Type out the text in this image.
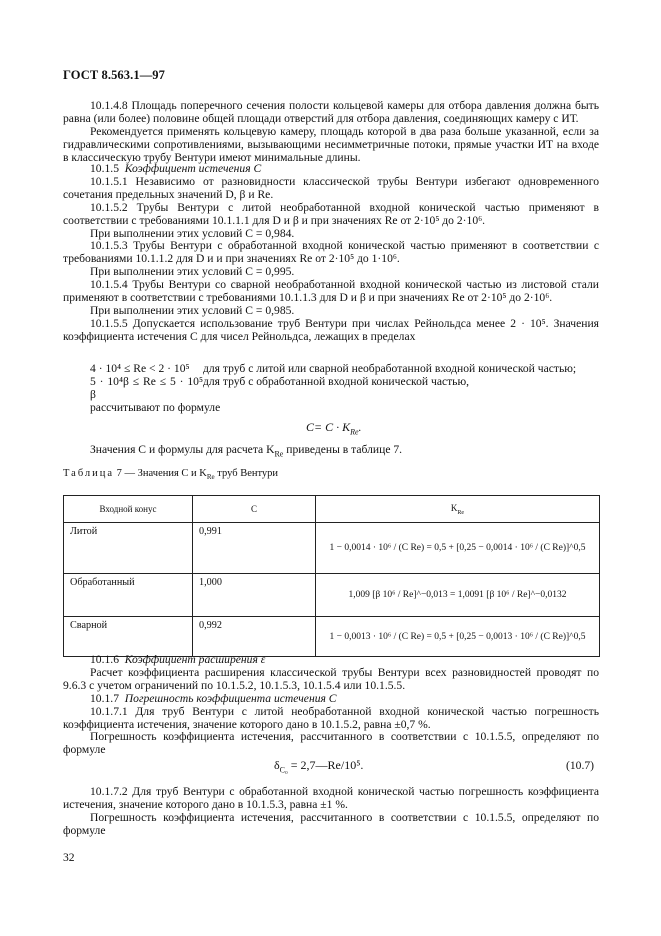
ГОСТ 8.563.1—97

10.1.4.8 Площадь поперечного сечения полости кольцевой камеры для отбора давления должна быть равна (или более) половине общей площади отверстий для отбора давления, соединяющих камеру с ИТ.

Рекомендуется применять кольцевую камеру, площадь которой в два раза больше указанной, если за гидравлическими сопротивлениями, вызывающими несимметричные потоки, прямые участки ИТ на входе в классическую трубу Вентури имеют минимальные длины.

10.1.5 Коэффициент истечения C

10.1.5.1 Независимо от разновидности классической трубы Вентури избегают одновременного сочетания предельных значений D, β и Re.

10.1.5.2 Трубы Вентури с литой необработанной входной конической частью применяют в соответствии с требованиями 10.1.1.1 для D и β и при значениях Re от 2·10⁵ до 2·10⁶.

При выполнении этих условий C = 0,984.

10.1.5.3 Трубы Вентури с обработанной входной конической частью применяют в соответствии с требованиями 10.1.1.2 для D и и при значениях Re от 2·10⁵ до 1·10⁶.

При выполнении этих условий C = 0,995.

10.1.5.4 Трубы Вентури со сварной необработанной входной конической частью из листовой стали применяют в соответствии с требованиями 10.1.1.3 для D и β и при значениях Re от 2·10⁵ до 2·10⁶.

При выполнении этих условий C = 0,985.

10.1.5.5 Допускается использование труб Вентури при числах Рейнольдса менее 2 · 10⁵. Значения коэффициента истечения C для чисел Рейнольдса, лежащих в пределах

4 · 10⁴ ≤ Re < 2 · 10⁵	для труб с литой или сварной необработанной входной конической частью;
5 · 10⁴β ≤ Re ≤ 5 · 10⁵ β
для труб с обработанной входной конической частью,

рассчитывают по формуле

$C= C \cdot K_{Re}$.

Значения C и формулы для расчета $K_{Re}$ приведены в таблице 7.

Таблица 7 — Значения C и $K_{Re}$ труб Вентури
Входной конус	C	$K_{Re}$
Литой	0,991	1 − 0,0014 · 10⁶ / (C Re) = 0,5 + [0,25 − 0,0014 · 10⁶ / (C Re)]^0,5
Обработанный	1,000	1,009 [β 10⁶ / Re]^−0,013 = 1,0091 [β 10⁶ / Re]^−0,0132
Сварной	0,992	1 − 0,0013 · 10⁶ / (C Re) = 0,5 + [0,25 − 0,0013 · 10⁶ / (C Re)]^0,5

10.1.6 Коэффициент расширения ε

Расчет коэффициента расширения классической трубы Вентури всех разновидностей проводят по 9.6.3 с учетом ограничений по 10.1.5.2, 10.1.5.3, 10.1.5.4 или 10.1.5.5.

10.1.7 Погрешность коэффициента истечения C

10.1.7.1 Для труб Вентури с литой необработанной входной конической частью погрешность коэффициента истечения, значение которого дано в 10.1.5.2, равна ±0,7 %.

Погрешность коэффициента истечения, рассчитанного в соответствии с 10.1.5.5, определяют по формуле

$\delta_{C_0}$ = 2,7—Re/10⁵.	(10.7)

10.1.7.2 Для труб Вентури с обработанной входной конической частью погрешность коэффициента истечения, значение которого дано в 10.1.5.3, равна ±1 %.

Погрешность коэффициента истечения, рассчитанного в соответствии с 10.1.5.5, определяют по формуле

32
